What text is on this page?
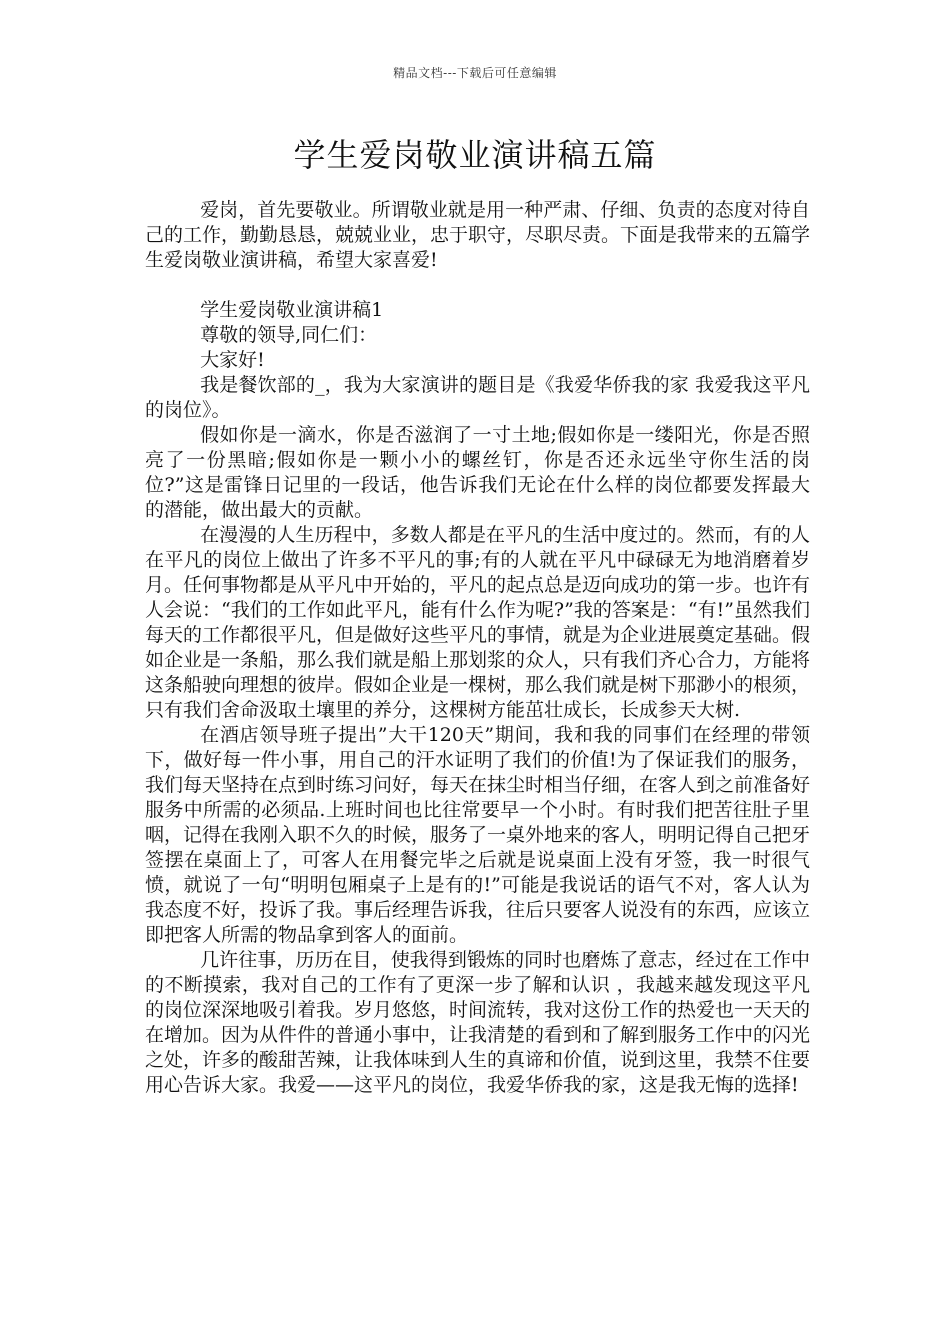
精品文档---下载后可任意编辑
学生爱岗敬业演讲稿五篇

爱岗，首先要敬业。所谓敬业就是用一种严肃、仔细、负责的态度对待自己的工作，勤勤恳恳，兢兢业业，忠于职守，尽职尽责。下面是我带来的五篇学生爱岗敬业演讲稿，希望大家喜爱!

学生爱岗敬业演讲稿1

尊敬的领导,同仁们：

大家好!

我是餐饮部的_，我为大家演讲的题目是《我爱华侨我的家 我爱我这平凡的岗位》。

假如你是一滴水，你是否滋润了一寸土地;假如你是一缕阳光，你是否照亮了一份黑暗;假如你是一颗小小的螺丝钉，你是否还永远坐守你生活的岗位?”这是雷锋日记里的一段话，他告诉我们无论在什么样的岗位都要发挥最大的潜能，做出最大的贡献。

在漫漫的人生历程中，多数人都是在平凡的生活中度过的。然而，有的人在平凡的岗位上做出了许多不平凡的事;有的人就在平凡中碌碌无为地消磨着岁月。任何事物都是从平凡中开始的，平凡的起点总是迈向成功的第一步。也许有人会说：“我们的工作如此平凡，能有什么作为呢?”我的答案是：“有!”虽然我们每天的工作都很平凡，但是做好这些平凡的事情，就是为企业进展奠定基础。假如企业是一条船，那么我们就是船上那划浆的众人，只有我们齐心合力，方能将这条船驶向理想的彼岸。假如企业是一棵树，那么我们就是树下那渺小的根须，只有我们舍命汲取土壤里的养分，这棵树方能茁壮成长，长成参天大树.

在酒店领导班子提出”大干120天”期间，我和我的同事们在经理的带领下，做好每一件小事，用自己的汗水证明了我们的价值!为了保证我们的服务，我们每天坚持在点到时练习问好，每天在抹尘时相当仔细，在客人到之前准备好服务中所需的必须品.上班时间也比往常要早一个小时。有时我们把苦往肚子里咽，记得在我刚入职不久的时候，服务了一桌外地来的客人，明明记得自己把牙签摆在桌面上了，可客人在用餐完毕之后就是说桌面上没有牙签，我一时很气愤，就说了一句“明明包厢桌子上是有的!”可能是我说话的语气不对，客人认为我态度不好，投诉了我。事后经理告诉我，往后只要客人说没有的东西，应该立即把客人所需的物品拿到客人的面前。

几许往事，历历在目，使我得到锻炼的同时也磨炼了意志，经过在工作中的不断摸索，我对自己的工作有了更深一步了解和认识 ，我越来越发现这平凡的岗位深深地吸引着我。岁月悠悠，时间流转，我对这份工作的热爱也一天天的在增加。因为从件件的普通小事中，让我清楚的看到和了解到服务工作中的闪光之处，许多的酸甜苦辣，让我体味到人生的真谛和价值，说到这里，我禁不住要用心告诉大家。我爱——这平凡的岗位，我爱华侨我的家，这是我无悔的选择!
